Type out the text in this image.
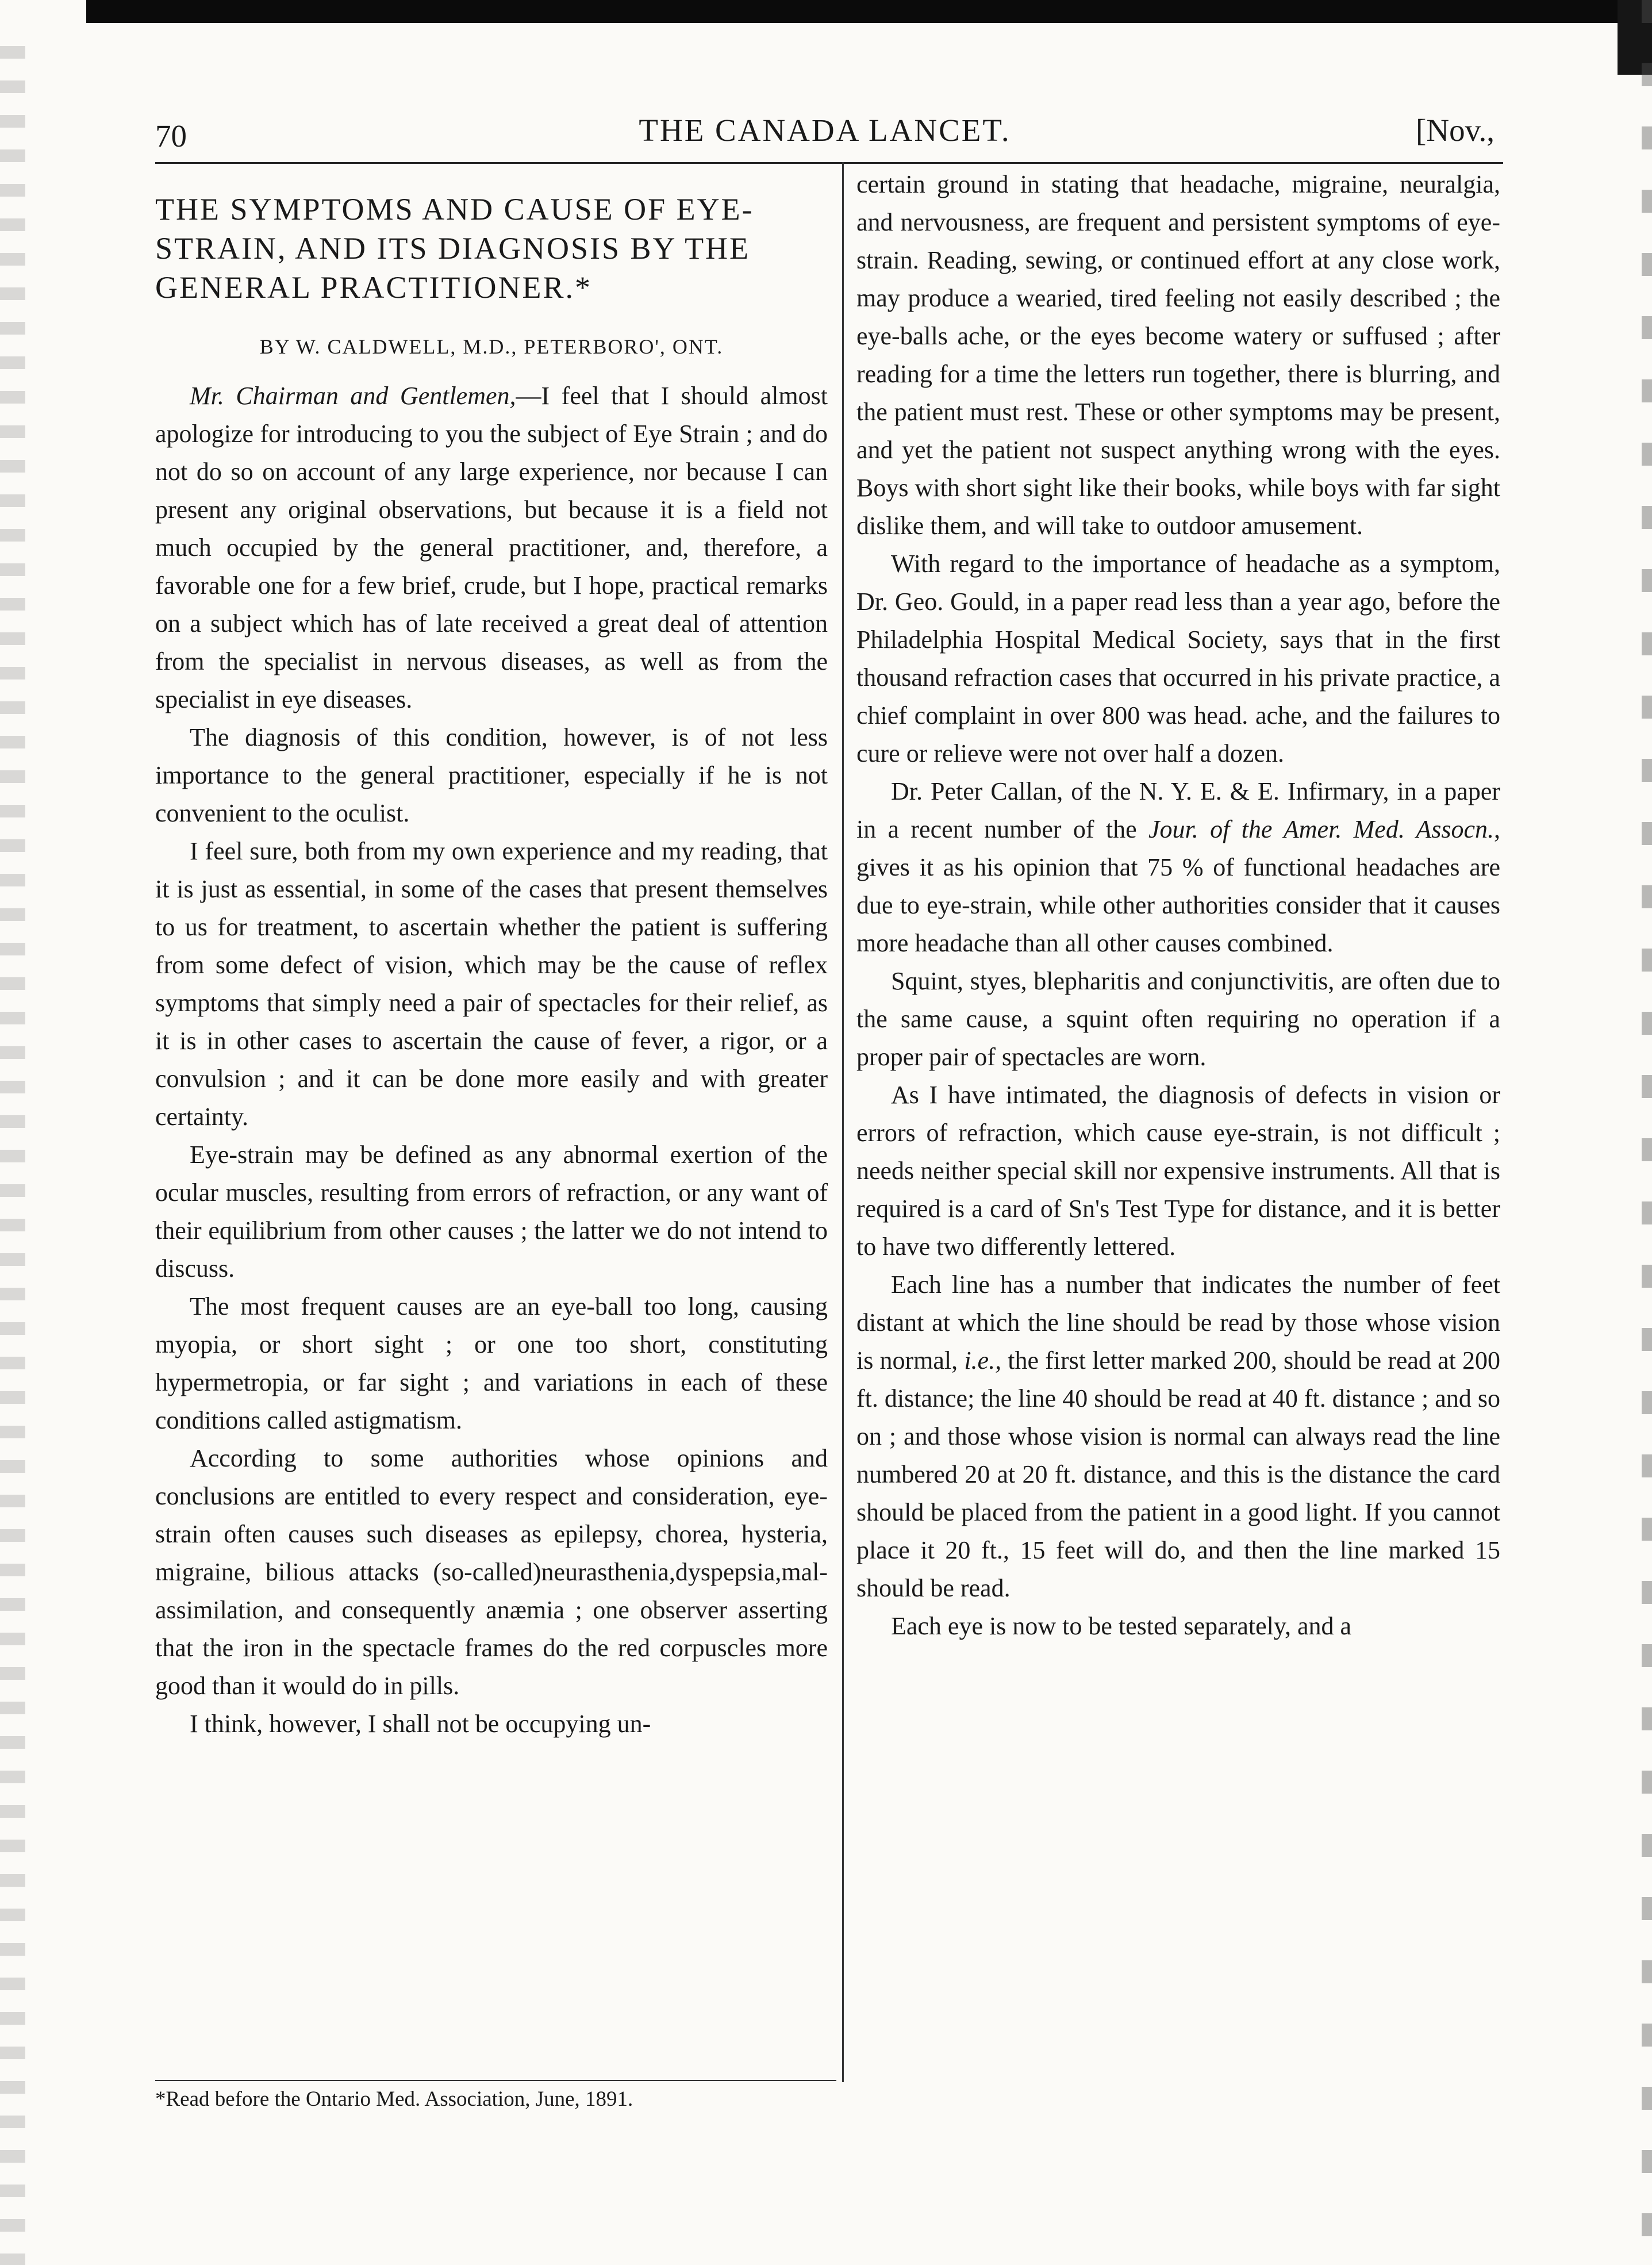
70	THE CANADA LANCET.	[Nov.,

THE SYMPTOMS AND CAUSE OF EYE-STRAIN, AND ITS DIAGNOSIS BY THE GENERAL PRACTITIONER.*

BY W. CALDWELL, M.D., PETERBORO', ONT.

Mr. Chairman and Gentlemen,—I feel that I should almost apologize for introducing to you the subject of Eye Strain ; and do not do so on account of any large experience, nor because I can present any original observations, but because it is a field not much occupied by the general practitioner, and, therefore, a favorable one for a few brief, crude, but I hope, practical remarks on a subject which has of late received a great deal of attention from the specialist in nervous diseases, as well as from the specialist in eye diseases.

The diagnosis of this condition, however, is of not less importance to the general practitioner, especially if he is not convenient to the oculist.

I feel sure, both from my own experience and my reading, that it is just as essential, in some of the cases that present themselves to us for treatment, to ascertain whether the patient is suffering from some defect of vision, which may be the cause of reflex symptoms that simply need a pair of spectacles for their relief, as it is in other cases to ascertain the cause of fever, a rigor, or a convulsion ; and it can be done more easily and with greater certainty.

Eye-strain may be defined as any abnormal exertion of the ocular muscles, resulting from errors of refraction, or any want of their equilibrium from other causes ; the latter we do not intend to discuss.

The most frequent causes are an eye-ball too long, causing myopia, or short sight ; or one too short, constituting hypermetropia, or far sight ; and variations in each of these conditions called astigmatism.

According to some authorities whose opinions and conclusions are entitled to every respect and consideration, eye-strain often causes such diseases as epilepsy, chorea, hysteria, migraine, bilious attacks (so-called)neurasthenia,dyspepsia,mal-assimilation, and consequently anæmia ; one observer asserting that the iron in the spectacle frames do the red corpuscles more good than it would do in pills.

I think, however, I shall not be occupying un-

*Read before the Ontario Med. Association, June, 1891.

certain ground in stating that headache, migraine, neuralgia, and nervousness, are frequent and persistent symptoms of eye-strain. Reading, sewing, or continued effort at any close work, may produce a wearied, tired feeling not easily described ; the eye-balls ache, or the eyes become watery or suffused ; after reading for a time the letters run together, there is blurring, and the patient must rest. These or other symptoms may be present, and yet the patient not suspect anything wrong with the eyes. Boys with short sight like their books, while boys with far sight dislike them, and will take to outdoor amusement.

With regard to the importance of headache as a symptom, Dr. Geo. Gould, in a paper read less than a year ago, before the Philadelphia Hospital Medical Society, says that in the first thousand refraction cases that occurred in his private practice, a chief complaint in over 800 was head. ache, and the failures to cure or relieve were not over half a dozen.

Dr. Peter Callan, of the N. Y. E. & E. Infirmary, in a paper in a recent number of the Jour. of the Amer. Med. Assocn., gives it as his opinion that 75 % of functional headaches are due to eye-strain, while other authorities consider that it causes more headache than all other causes combined.

Squint, styes, blepharitis and conjunctivitis, are often due to the same cause, a squint often requiring no operation if a proper pair of spectacles are worn.

As I have intimated, the diagnosis of defects in vision or errors of refraction, which cause eye-strain, is not difficult ; needs neither special skill nor expensive instruments. All that is required is a card of Sn's Test Type for distance, and it is better to have two differently lettered.

Each line has a number that indicates the number of feet distant at which the line should be read by those whose vision is normal, i.e., the first letter marked 200, should be read at 200 ft. distance; the line 40 should be read at 40 ft. distance ; and so on ; and those whose vision is normal can always read the line numbered 20 at 20 ft. distance, and this is the distance the card should be placed from the patient in a good light. If you cannot place it 20 ft., 15 feet will do, and then the line marked 15 should be read.

Each eye is now to be tested separately, and a
